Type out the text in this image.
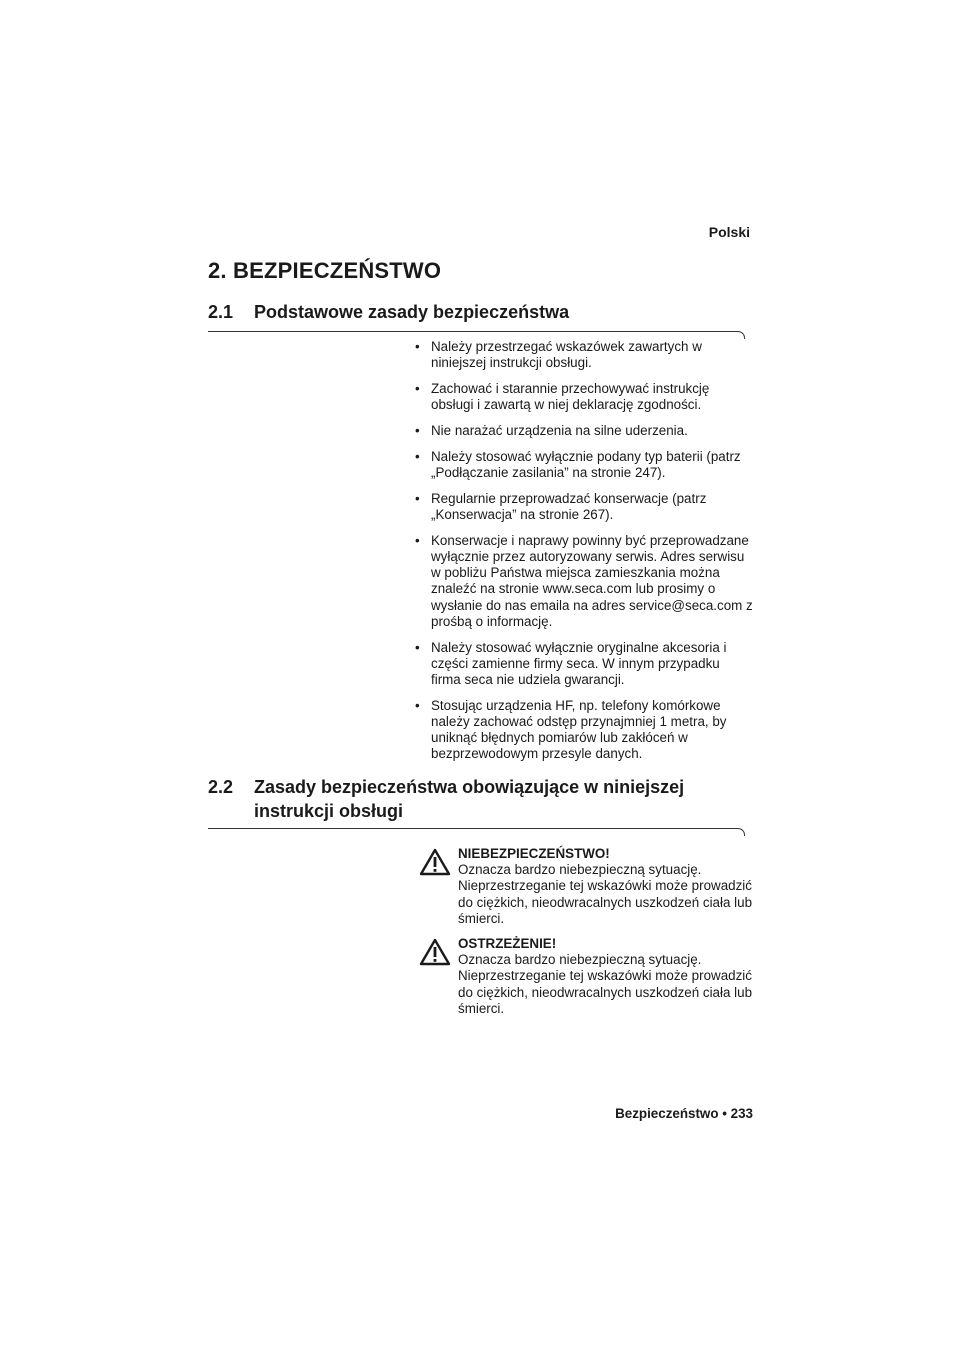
Polski
2. BEZPIECZEŃSTWO
2.1 Podstawowe zasady bezpieczeństwa
• Należy przestrzegać wskazówek zawartych w niniejszej instrukcji obsługi.
• Zachować i starannie przechowywać instrukcję obsługi i zawartą w niej deklarację zgodności.
• Nie narażać urządzenia na silne uderzenia.
• Należy stosować wyłącznie podany typ baterii (patrz „Podłączanie zasilania” na stronie 247).
• Regularnie przeprowadzać konserwacje (patrz „Konserwacja” na stronie 267).
• Konserwacje i naprawy powinny być przeprowadzane wyłącznie przez autoryzowany serwis. Adres serwisu w pobliżu Państwa miejsca zamieszkania można znaleźć na stronie www.seca.com lub prosimy o wysłanie do nas emaila na adres service@seca.com z prośbą o informację.
• Należy stosować wyłącznie oryginalne akcesoria i części zamienne firmy seca. W innym przypadku firma seca nie udziela gwarancji.
• Stosując urządzenia HF, np. telefony komórkowe należy zachować odstęp przynajmniej 1 metra, by uniknąć błędnych pomiarów lub zakłóceń w bezprzewodowym przesyle danych.
2.2 Zasady bezpieczeństwa obowiązujące w niniejszej instrukcji obsługi
NIEBEZPIECZEŃSTWO!
Oznacza bardzo niebezpieczną sytuację. Nieprzestrzeganie tej wskazówki może prowadzić do ciężkich, nieodwracalnych uszkodzeń ciała lub śmierci.
OSTRZEŻENIE!
Oznacza bardzo niebezpieczną sytuację. Nieprzestrzeganie tej wskazówki może prowadzić do ciężkich, nieodwracalnych uszkodzeń ciała lub śmierci.
Bezpieczeństwo • 233
